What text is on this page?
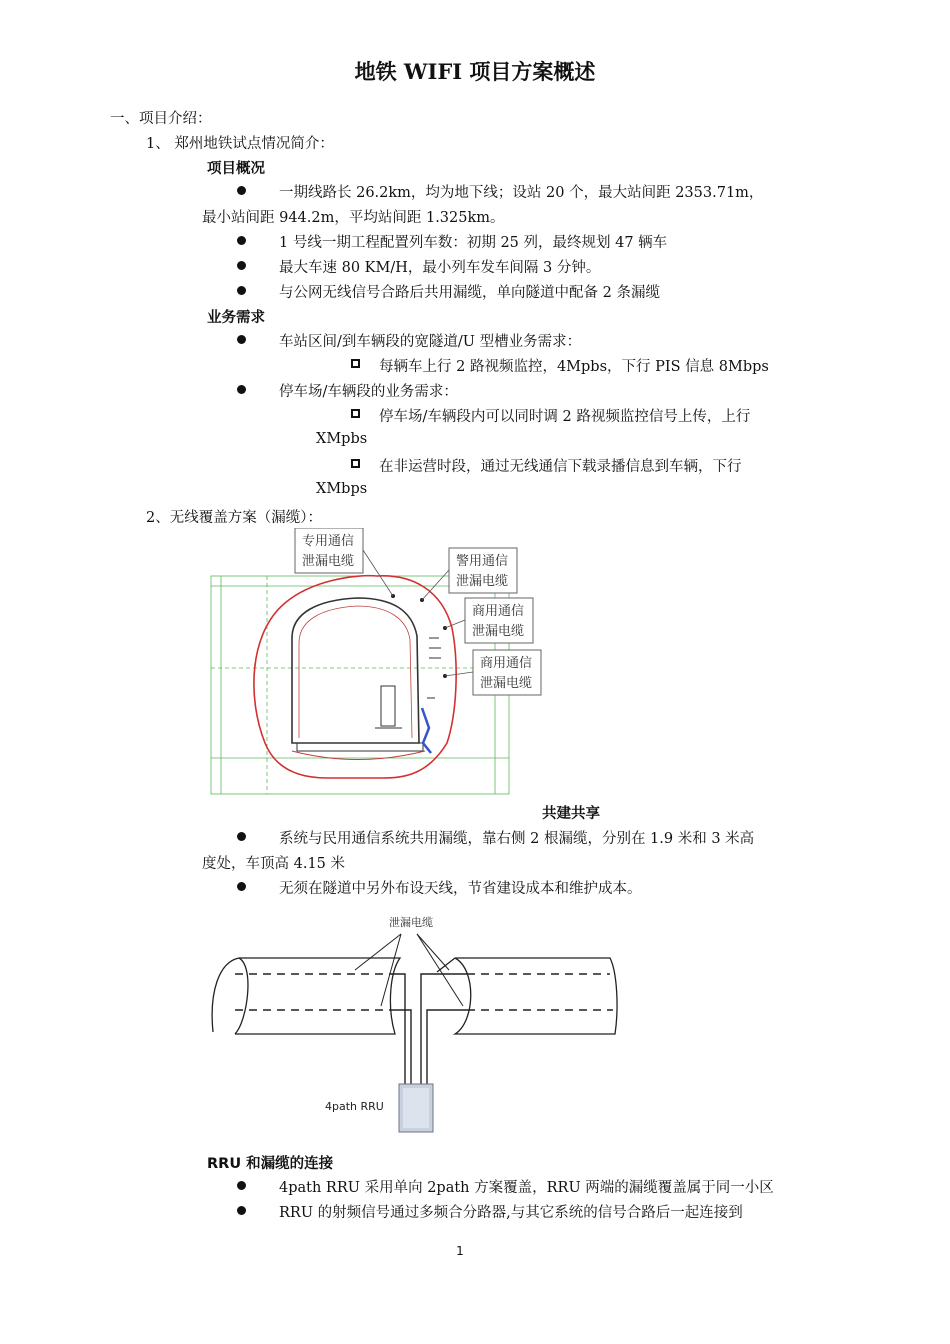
地铁 WIFI 项目方案概述
一、项目介绍：
1、 郑州地铁试点情况简介：
项目概况
一期线路长 26.2km，均为地下线；设站 20 个，最大站间距 2353.71m，
最小站间距 944.2m，平均站间距 1.325km。
1 号线一期工程配置列车数：初期 25 列，最终规划 47 辆车
最大车速 80 KM/H，最小列车发车间隔 3 分钟。
与公网无线信号合路后共用漏缆，单向隧道中配备 2 条漏缆
业务需求
车站区间/到车辆段的宽隧道/U 型槽业务需求：
每辆车上行 2 路视频监控，4Mpbs，下行 PIS 信息 8Mbps
停车场/车辆段的业务需求：
停车场/车辆段内可以同时调 2 路视频监控信号上传，上行
XMpbs
在非运营时段，通过无线通信下载录播信息到车辆，下行
XMbps
2、无线覆盖方案（漏缆）：
专用通信
泄漏电缆	警用通信
泄漏电缆
商用通信
泄漏电缆
商用通信
泄漏电缆
共建共享
系统与民用通信系统共用漏缆，靠右侧 2 根漏缆，分别在 1.9 米和 3 米高
度处，车顶高 4.15 米
无须在隧道中另外布设天线，节省建设成本和维护成本。
泄漏电缆
4path RRU
RRU 和漏缆的连接
4path RRU 采用单向 2path 方案覆盖，RRU 两端的漏缆覆盖属于同一小区
RRU 的射频信号通过多频合分路器,与其它系统的信号合路后一起连接到
1
